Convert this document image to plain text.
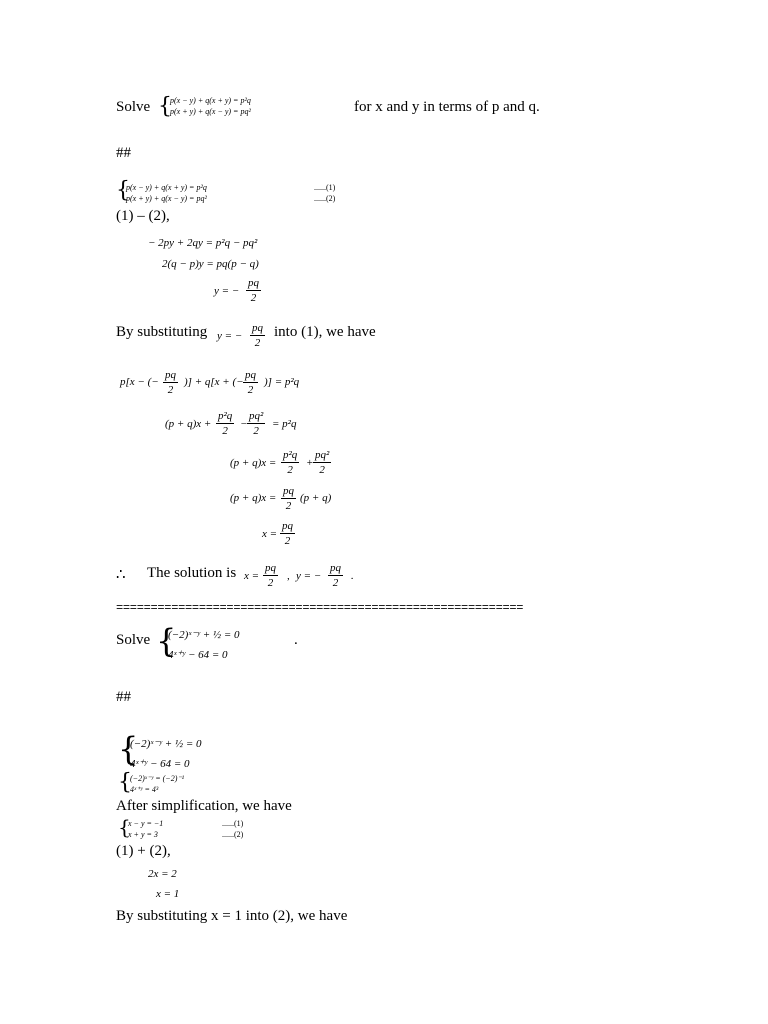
Solve {
p(x − y) + q(x + y) = p²q
p(x + y) + q(x − y) = pq²	for x and y in terms of p and q.
##
{
p(x − y) + q(x + y) = p²q
p(x + y) + q(x − y) = pq²
......(1)
......(2)
(1) – (2),
− 2py + 2qy = p²q − pq²
2(q − p)y = pq(p − q)
y = − $\frac{pq}{2}$
By substituting y = − $\frac{pq}{2}$ into (1), we have
p[x − (− $\frac{pq}{2}$ )] + q[x + (− $\frac{pq}{2}$ )] = p²q
$(p + q)x + \frac{\text{p²q}}{2} - \frac{\text{pq²}}{2} = p^2q$
$(p + q)x = \frac{\text{p²q}}{2} + \frac{\text{pq²}}{2}$
$(p + q)x = \frac{pq}{2} (p + q)$
$x = \frac{pq}{2}$
∴ The solution is $x = \frac{pq}{2}$ , y = − $\frac{pq}{2}$ .
===========================================================
Solve {
(−2)ˣ⁻ʸ + ½ = 0
4ˣ⁺ʸ − 64 = 0
.
##
{
(−2)ˣ⁻ʸ + ½ = 0
4ˣ⁺ʸ − 64 = 0
{
(−2)ˣ⁻ʸ = (−2)⁻¹
4ˣ⁺ʸ = 4³
After simplification, we have
{
x − y = −1
x + y = 3
......(1)
......(2)
(1) + (2),
2x = 2
x = 1
By substituting x = 1 into (2), we have
